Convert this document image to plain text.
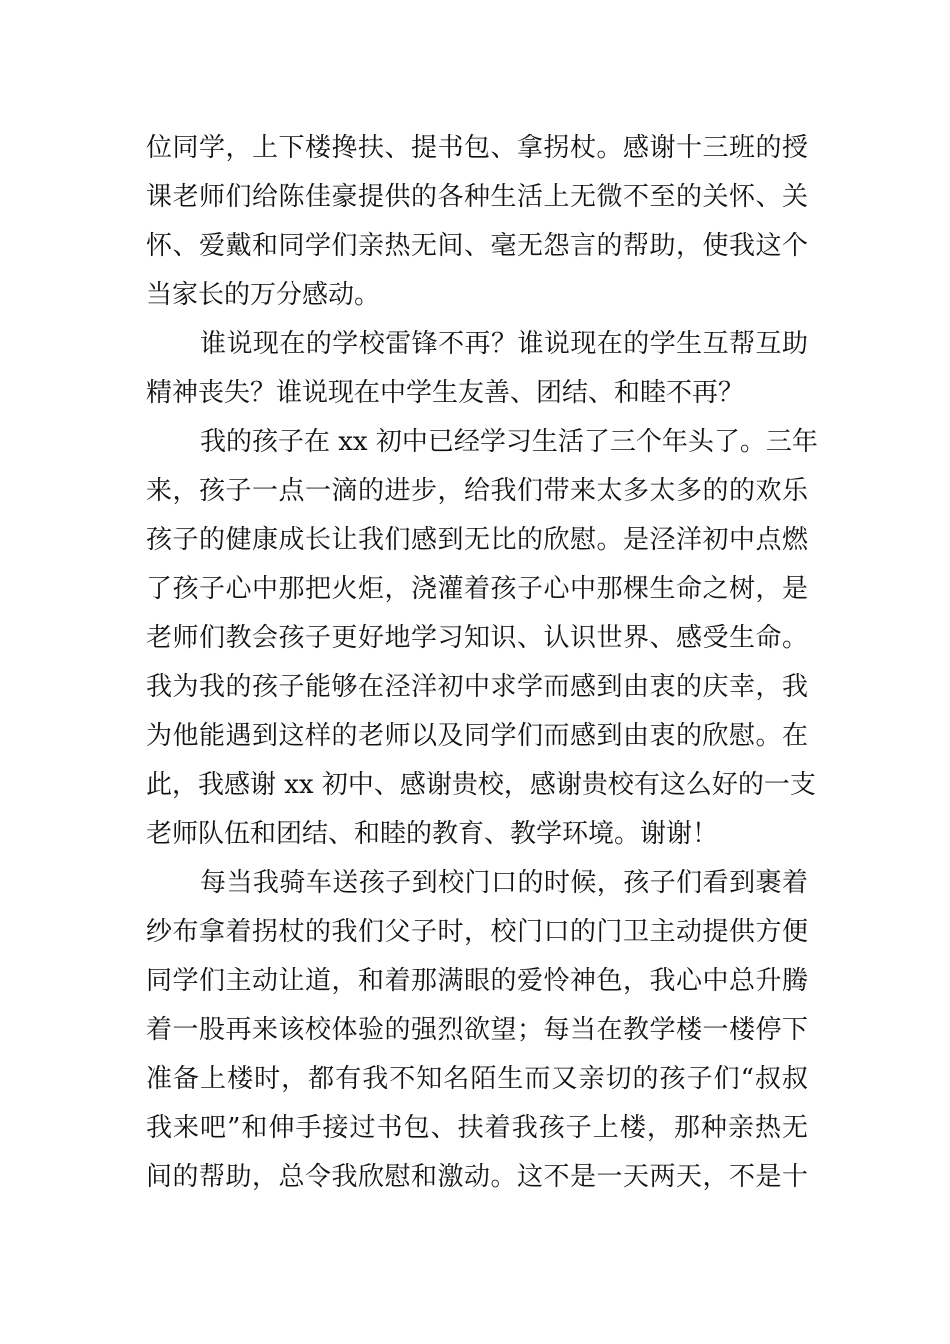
位同学，上下楼搀扶、提书包、拿拐杖。感谢十三班的授
课老师们给陈佳豪提供的各种生活上无微不至的关怀、关
怀、爱戴和同学们亲热无间、毫无怨言的帮助，使我这个
当家长的万分感动。
谁说现在的学校雷锋不再？谁说现在的学生互帮互助
精神丧失？谁说现在中学生友善、团结、和睦不再？
我的孩子在 xx 初中已经学习生活了三个年头了。三年
来，孩子一点一滴的进步，给我们带来太多太多的的欢乐
孩子的健康成长让我们感到无比的欣慰。是泾洋初中点燃
了孩子心中那把火炬，浇灌着孩子心中那棵生命之树，是
老师们教会孩子更好地学习知识、认识世界、感受生命。
我为我的孩子能够在泾洋初中求学而感到由衷的庆幸，我
为他能遇到这样的老师以及同学们而感到由衷的欣慰。在
此，我感谢 xx 初中、感谢贵校，感谢贵校有这么好的一支
老师队伍和团结、和睦的教育、教学环境。谢谢！
每当我骑车送孩子到校门口的时候，孩子们看到裹着
纱布拿着拐杖的我们父子时，校门口的门卫主动提供方便
同学们主动让道，和着那满眼的爱怜神色，我心中总升腾
着一股再来该校体验的强烈欲望；每当在教学楼一楼停下
准备上楼时，都有我不知名陌生而又亲切的孩子们“叔叔
我来吧”和伸手接过书包、扶着我孩子上楼，那种亲热无
间的帮助，总令我欣慰和激动。这不是一天两天，不是十
